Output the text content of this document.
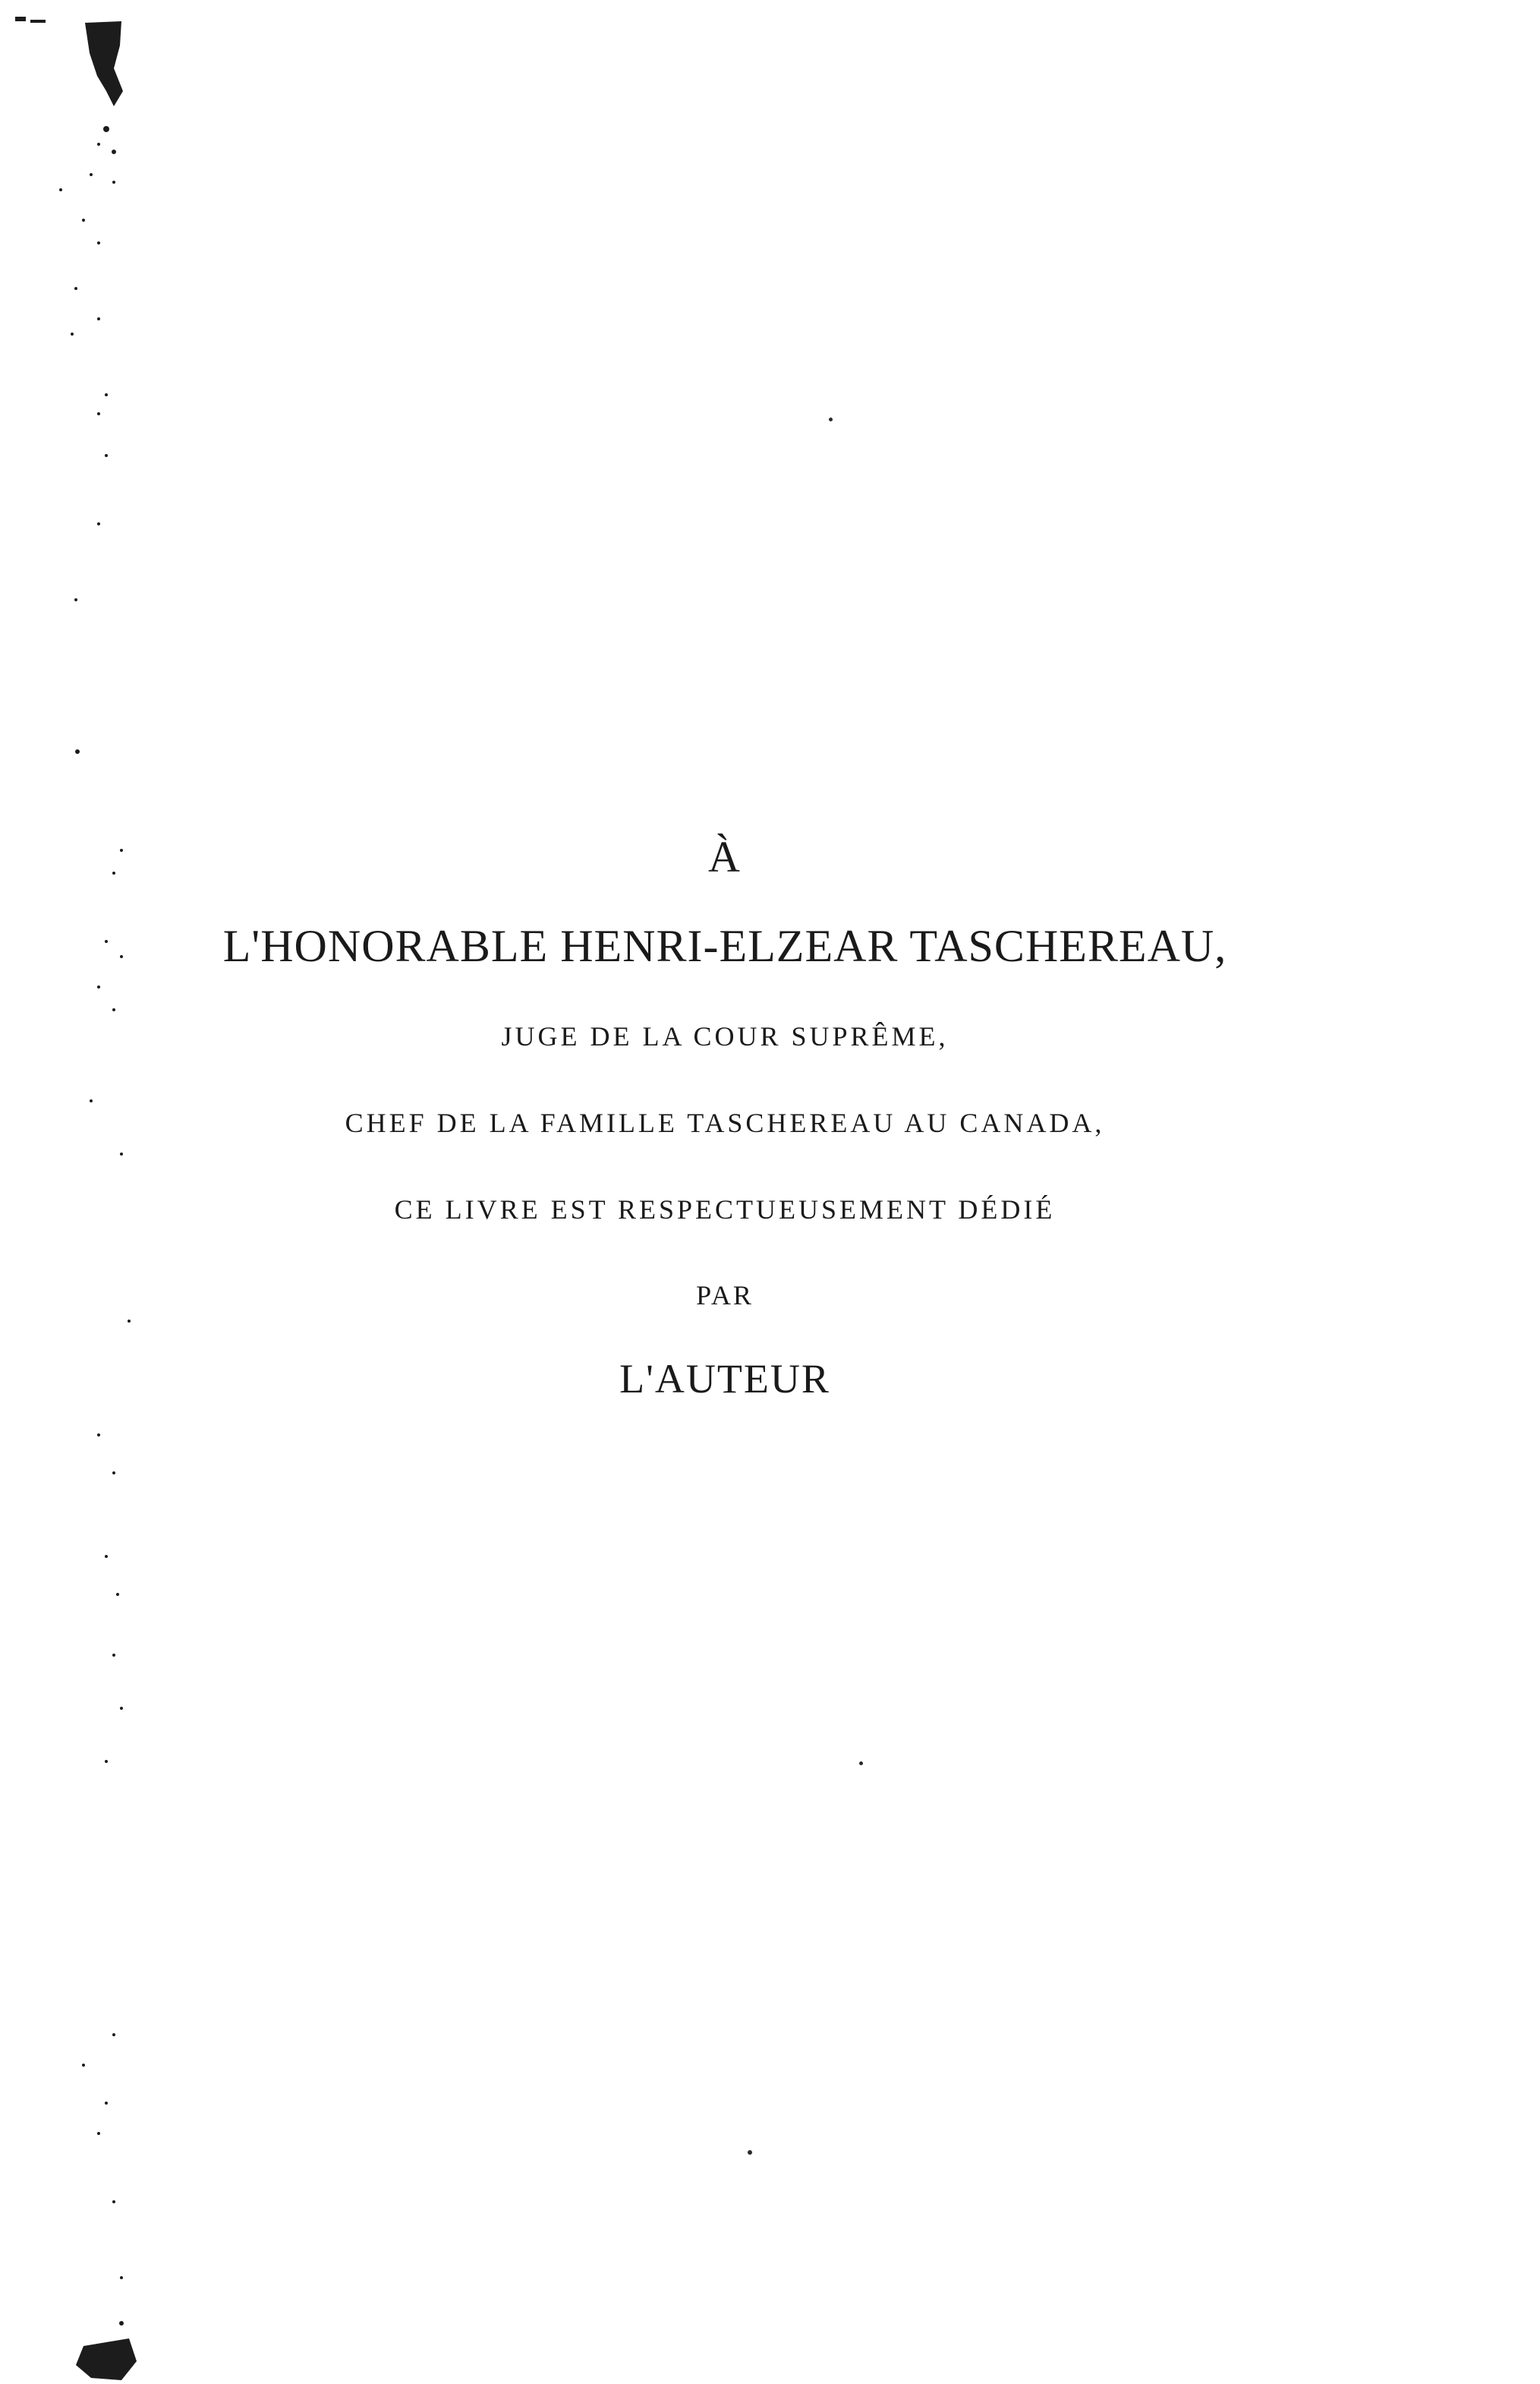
À
L'HONORABLE HENRI-ELZEAR TASCHEREAU,
JUGE DE LA COUR SUPRÊME,
CHEF DE LA FAMILLE TASCHEREAU AU CANADA,
CE LIVRE EST RESPECTUEUSEMENT DÉDIÉ
PAR
L'AUTEUR
